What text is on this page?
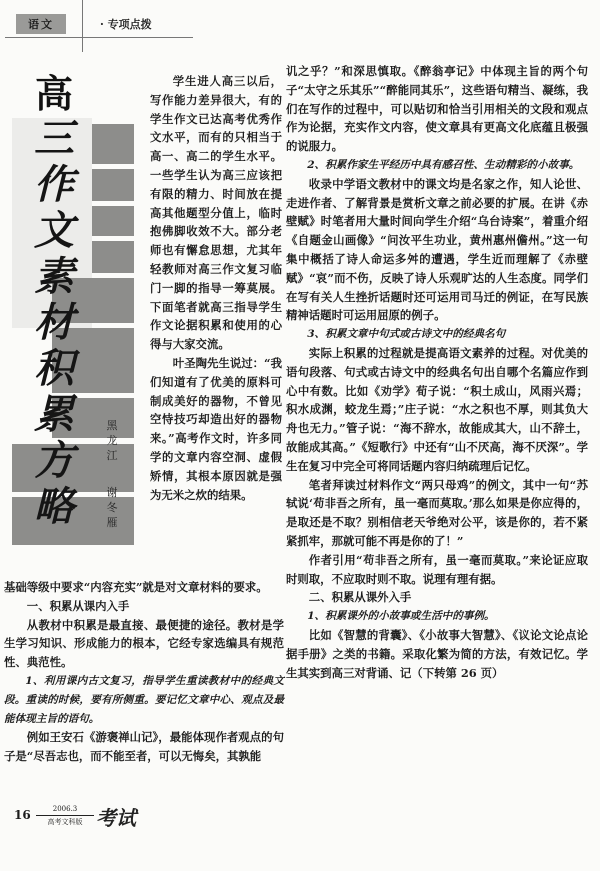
语文	· 专项点拨
高
三
作
文
素
材
积
累
方
略
黑
龙
江
谢
冬
雁

学生进人高三以后，写作能力差异很大，有的学生作文已达高考优秀作文水平，而有的只相当于高一、高二的学生水平。一些学生认为高三应该把有限的精力、时间放在提高其他题型分值上，临时抱佛脚收效不大。部分老师也有懈怠思想，尤其年轻教师对高三作文复习临门一脚的指导一筹莫展。下面笔者就高三指导学生作文论据积累和使用的心得与大家交流。

叶圣陶先生说过：“我们知道有了优美的原料可制成美好的器物，不曾见空恃技巧却造出好的器物来。”高考作文时，许多同学的文章内容空洞、虚假矫情，其根本原因就是强为无米之炊的结果。

基础等级中要求“内容充实”就是对文章材料的要求。

一、积累从课内入手

从教材中积累是最直接、最便捷的途径。教材是学生学习知识、形成能力的根本，它经专家选编具有规范性、典范性。

1、利用课内古文复习，指导学生重读教材中的经典文段。重读的时候，要有所侧重。要记忆文章中心、观点及最能体现主旨的语句。

例如王安石《游褒禅山记》，最能体现作者观点的句子是“尽吾志也，而不能至者，可以无悔矣，其孰能

讥之乎？”和深思慎取。《醉翁亭记》中体现主旨的两个句子“太守之乐其乐”“醉能同其乐”，这些语句精当、凝练，我们在写作的过程中，可以贴切和恰当引用相关的文段和观点作为论据，充实作文内容，使文章具有更高文化底蕴且极强的说服力。

2、积累作家生平经历中具有感召性、生动精彩的小故事。

收录中学语文教材中的课文均是名家之作，知人论世、走进作者、了解背景是赏析文章之前必要的扩展。在讲《赤壁赋》时笔者用大量时间向学生介绍“乌台诗案”，着重介绍《自题金山画像》“问汝平生功业，黄州惠州儋州。”这一句集中概括了诗人命运多舛的遭遇，学生近而理解了《赤壁赋》“哀”而不伤，反映了诗人乐观旷达的人生态度。同学们在写有关人生挫折话题时还可运用司马迁的例证，在写民族精神话题时可运用屈原的例子。

3、积累文章中句式或古诗文中的经典名句

实际上积累的过程就是提高语文素养的过程。对优美的语句段落、句式或古诗文中的经典名句出自哪个名篇应作到心中有数。比如《劝学》荀子说：“积土成山，风雨兴焉；积水成渊，蛟龙生焉；”庄子说：“水之积也不厚，则其负大舟也无力。”管子说：“海不辞水，故能成其大，山不辞土，故能成其高。”《短歌行》中还有“山不厌高，海不厌深”。学生在复习中完全可将同话题内容归纳疏理后记忆。

笔者拜读过材料作文“两只母鸡”的例文，其中一句“苏轼说‘苟非吾之所有，虽一毫而莫取。’那么如果是你应得的，是取还是不取？别相信老天爷绝对公平，该是你的，若不紧紧抓牢，那就可能不再是你的了！”

作者引用“苟非吾之所有，虽一毫而莫取。”来论证应取时则取，不应取时则不取。说理有理有据。

二、积累从课外入手

1、积累课外的小故事或生活中的事例。

比如《智慧的背囊》、《小故事大智慧》、《议论文论点论据手册》之类的书籍。采取化繁为简的方法，有效记忆。学生其实到高三对背诵、记（下转第 26 页）

16	2006.3
高考文科版 考试
